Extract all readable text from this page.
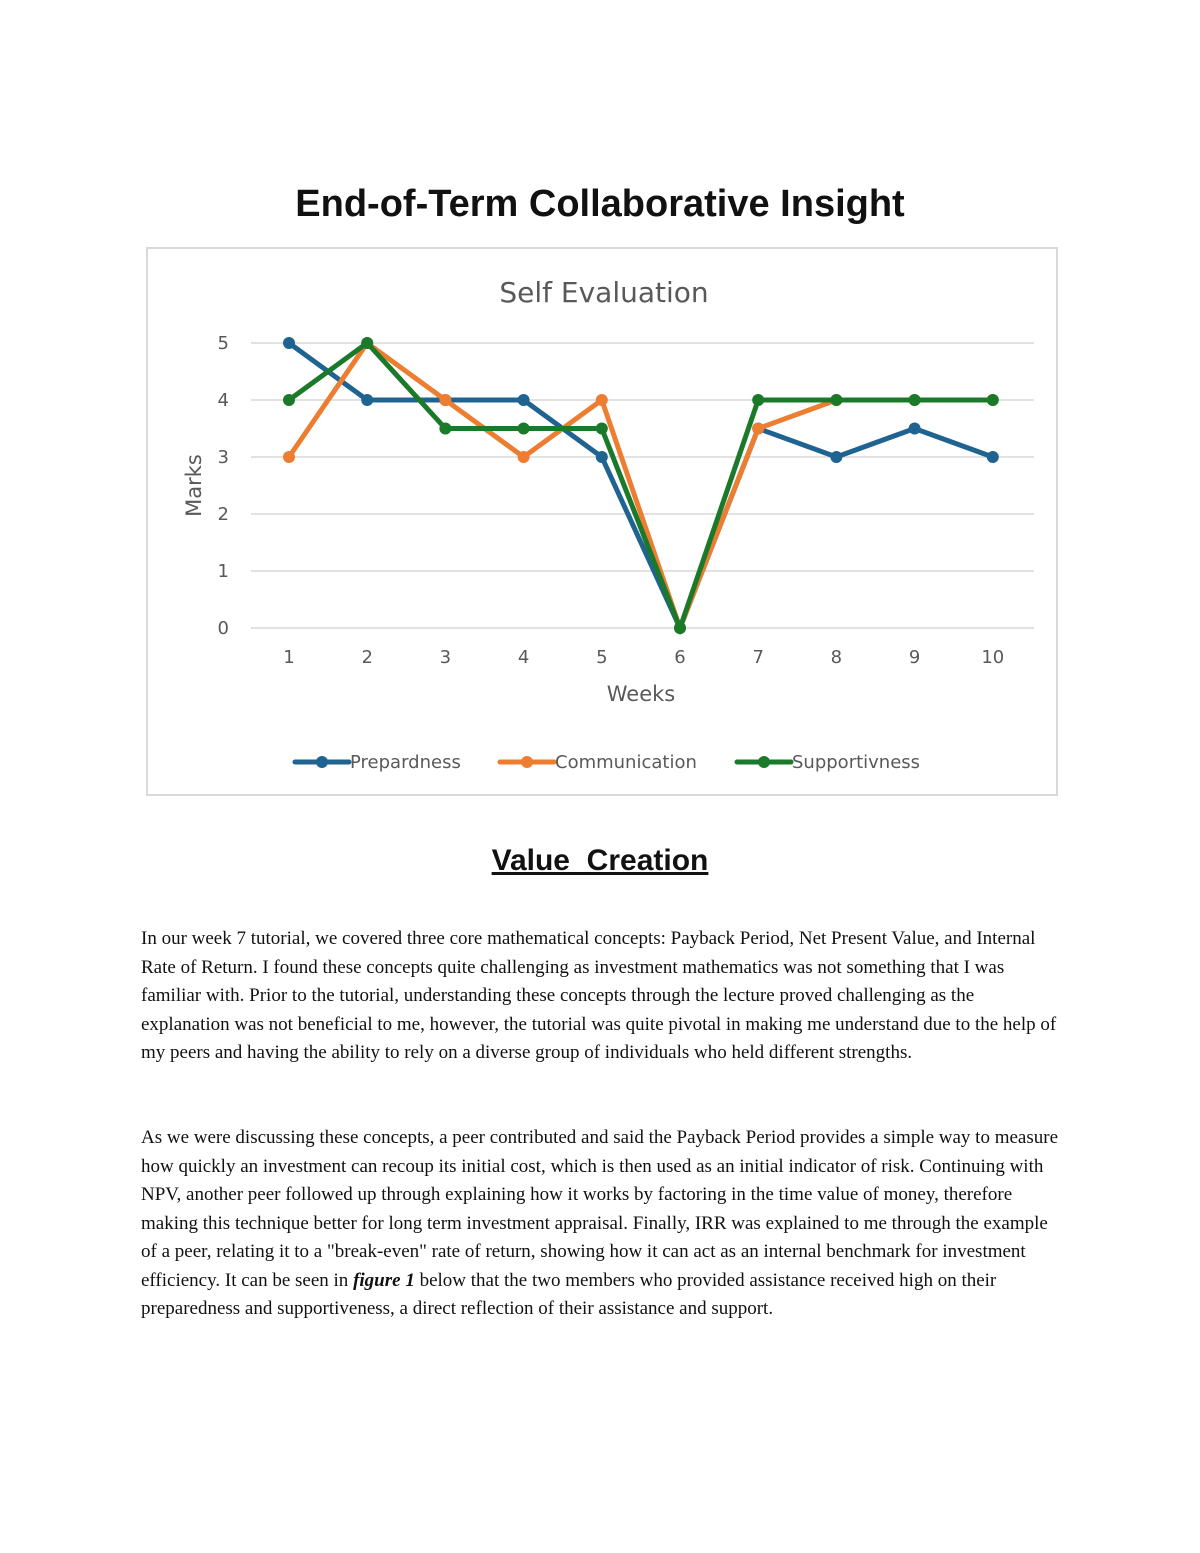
End-of-Term Collaborative Insight
Self Evaluation
0
1
2
3
4
5
1	2	3	4	5	6	7	8	9	10
Weeks
Marks
Prepardness	Communication	Supportivness
Value_Creation

In our week 7 tutorial, we covered three core mathematical concepts: Payback Period, Net Present Value, and Internal Rate of Return. I found these concepts quite challenging as investment mathematics was not something that I was familiar with. Prior to the tutorial, understanding these concepts through the lecture proved challenging as the explanation was not beneficial to me, however, the tutorial was quite pivotal in making me understand due to the help of my peers and having the ability to rely on a diverse group of individuals who held different strengths.

As we were discussing these concepts, a peer contributed and said the Payback Period provides a simple way to measure how quickly an investment can recoup its initial cost, which is then used as an initial indicator of risk. Continuing with NPV, another peer followed up through explaining how it works by factoring in the time value of money, therefore making this technique better for long term investment appraisal. Finally, IRR was explained to me through the example of a peer, relating it to a "break-even" rate of return, showing how it can act as an internal benchmark for investment efficiency. It can be seen in figure 1 below that the two members who provided assistance received high on their preparedness and supportiveness, a direct reflection of their assistance and support.
